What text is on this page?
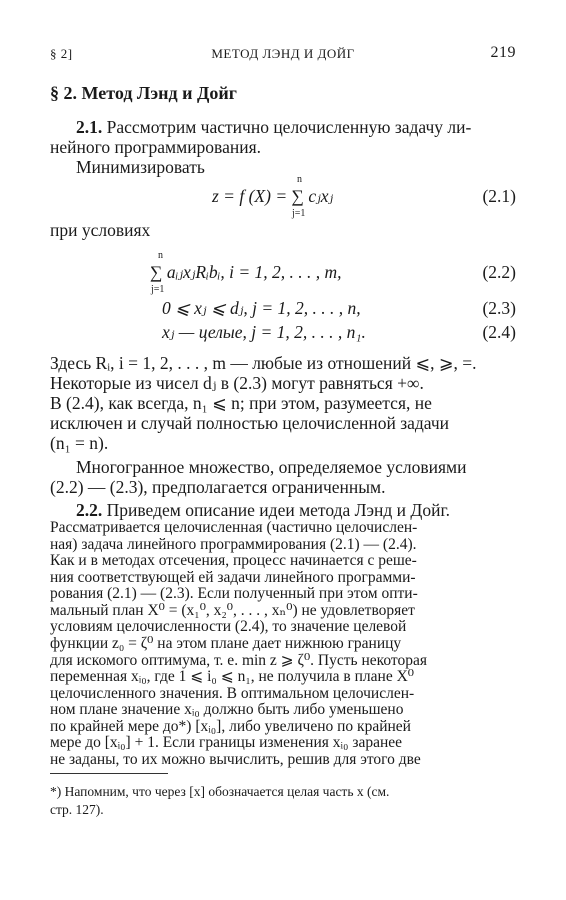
§ 2]	МЕТОД ЛЭНД И ДОЙГ	219
§ 2. Метод Лэнд и Дойг
2.1. Рассмотрим частично целочисленную задачу ли-
нейного программирования.
Минимизировать
z = f (X) = ∑ cⱼxⱼ
n
j=1
(2.1)
при условиях
∑ aᵢⱼxⱼRᵢbᵢ, i = 1, 2, . . . , m,
n
j=1
(2.2)
0 ⩽ xⱼ ⩽ dⱼ, j = 1, 2, . . . , n,	(2.3)
xⱼ — целые, j = 1, 2, . . . , n₁.	(2.4)
Здесь Rᵢ, i = 1, 2, . . . , m — любые из отношений ⩽, ⩾, =.
Некоторые из чисел dⱼ в (2.3) могут равняться +∞.
В (2.4), как всегда, n₁ ⩽ n; при этом, разумеется, не
исключен и случай полностью целочисленной задачи
(n₁ = n).
Многогранное множество, определяемое условиями
(2.2) — (2.3), предполагается ограниченным.
2.2. Приведем описание идеи метода Лэнд и Дойг.
*) Напомним, что через [x] обозначается целая часть x (см.
стр. 127).
Рассматривается целочисленная (частично целочислен-
ная) задача линейного программирования (2.1) — (2.4).
Как и в методах отсечения, процесс начинается с реше-
ния соответствующей ей задачи линейного программи-
рования (2.1) — (2.3). Если полученный при этом опти-
мальный план X⁰ = (x₁⁰, x₂⁰, . . . , xₙ⁰) не удовлетворяет
условиям целочисленности (2.4), то значение целевой
функции z₀ = ζ⁰ на этом плане дает нижнюю границу
для искомого оптимума, т. е. min z ⩾ ζ⁰. Пусть некоторая
переменная xᵢ₀, где 1 ⩽ i₀ ⩽ n₁, не получила в плане X⁰
целочисленного значения. В оптимальном целочислен-
ном плане значение xᵢ₀ должно быть либо уменьшено
по крайней мере до*) [xᵢ₀], либо увеличено по крайней
мере до [xᵢ₀] + 1. Если границы изменения xᵢ₀ заранее
не заданы, то их можно вычислить, решив для этого две
